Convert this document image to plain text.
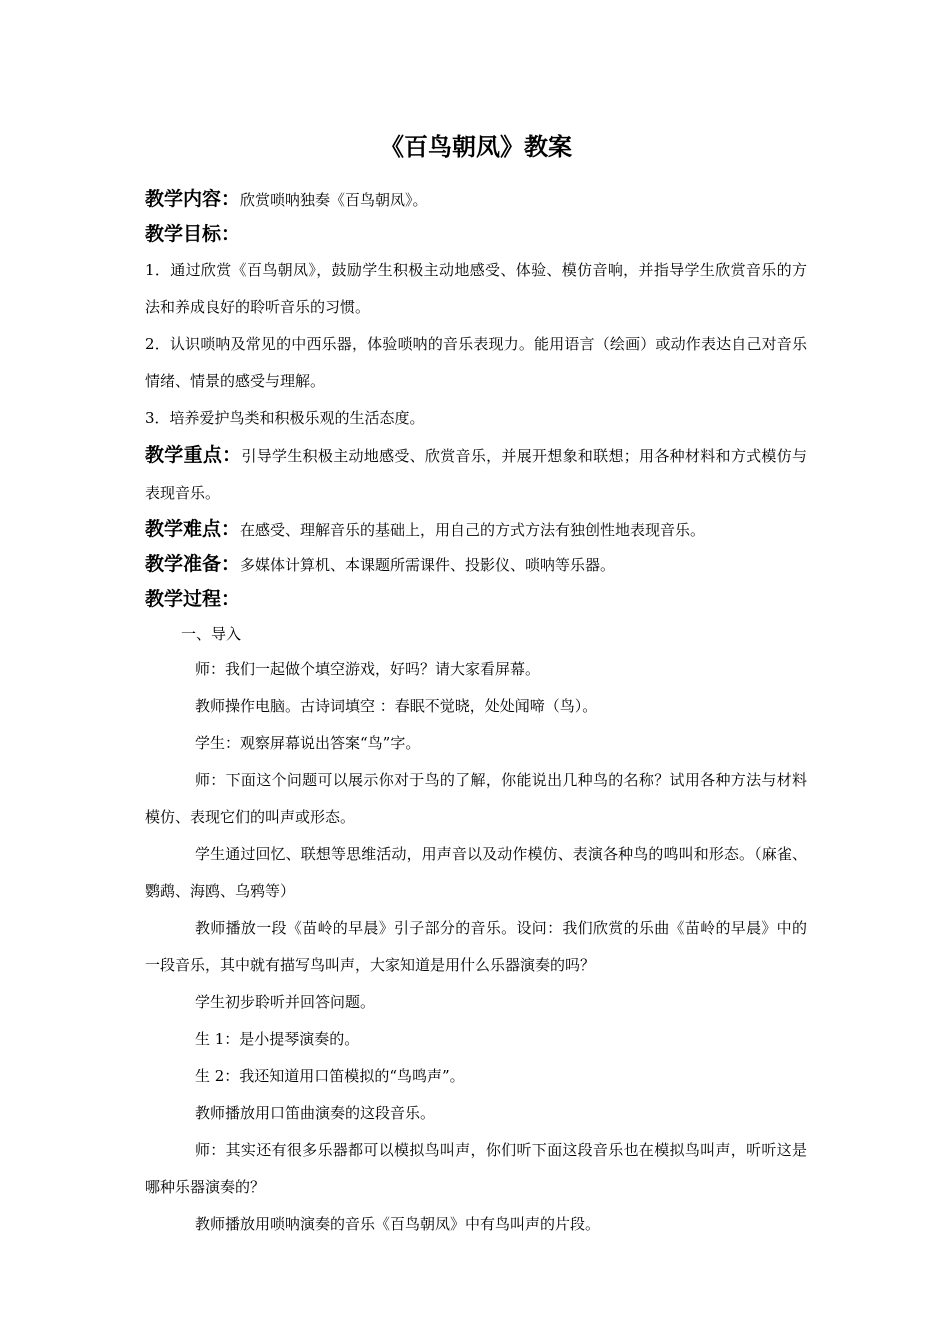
《百鸟朝凤》教案

教学内容：欣赏唢呐独奏《百鸟朝凤》。

教学目标：

1．通过欣赏《百鸟朝凤》，鼓励学生积极主动地感受、体验、模仿音响，并指导学生欣赏音乐的方法和养成良好的聆听音乐的习惯。

2．认识唢呐及常见的中西乐器，体验唢呐的音乐表现力。能用语言（绘画）或动作表达自己对音乐情绪、情景的感受与理解。

3．培养爱护鸟类和积极乐观的生活态度。

教学重点：引导学生积极主动地感受、欣赏音乐，并展开想象和联想；用各种材料和方式模仿与表现音乐。

教学难点：在感受、理解音乐的基础上，用自己的方式方法有独创性地表现音乐。

教学准备：多媒体计算机、本课题所需课件、投影仪、唢呐等乐器。

教学过程：

一、导入

师：我们一起做个填空游戏，好吗？请大家看屏幕。

教师操作电脑。古诗词填空 ：春眠不觉晓，处处闻啼（鸟）。

学生：观察屏幕说出答案“鸟”字。

师：下面这个问题可以展示你对于鸟的了解，你能说出几种鸟的名称？试用各种方法与材料模仿、表现它们的叫声或形态。

学生通过回忆、联想等思维活动，用声音以及动作模仿、表演各种鸟的鸣叫和形态。（麻雀、鹦鹉、海鸥、乌鸦等）

教师播放一段《苗岭的早晨》引子部分的音乐。设问：我们欣赏的乐曲《苗岭的早晨》中的一段音乐，其中就有描写鸟叫声，大家知道是用什么乐器演奏的吗？

学生初步聆听并回答问题。

生 1：是小提琴演奏的。

生 2：我还知道用口笛模拟的“鸟鸣声”。

教师播放用口笛曲演奏的这段音乐。

师：其实还有很多乐器都可以模拟鸟叫声，你们听下面这段音乐也在模拟鸟叫声，听听这是哪种乐器演奏的？

教师播放用唢呐演奏的音乐《百鸟朝凤》中有鸟叫声的片段。
